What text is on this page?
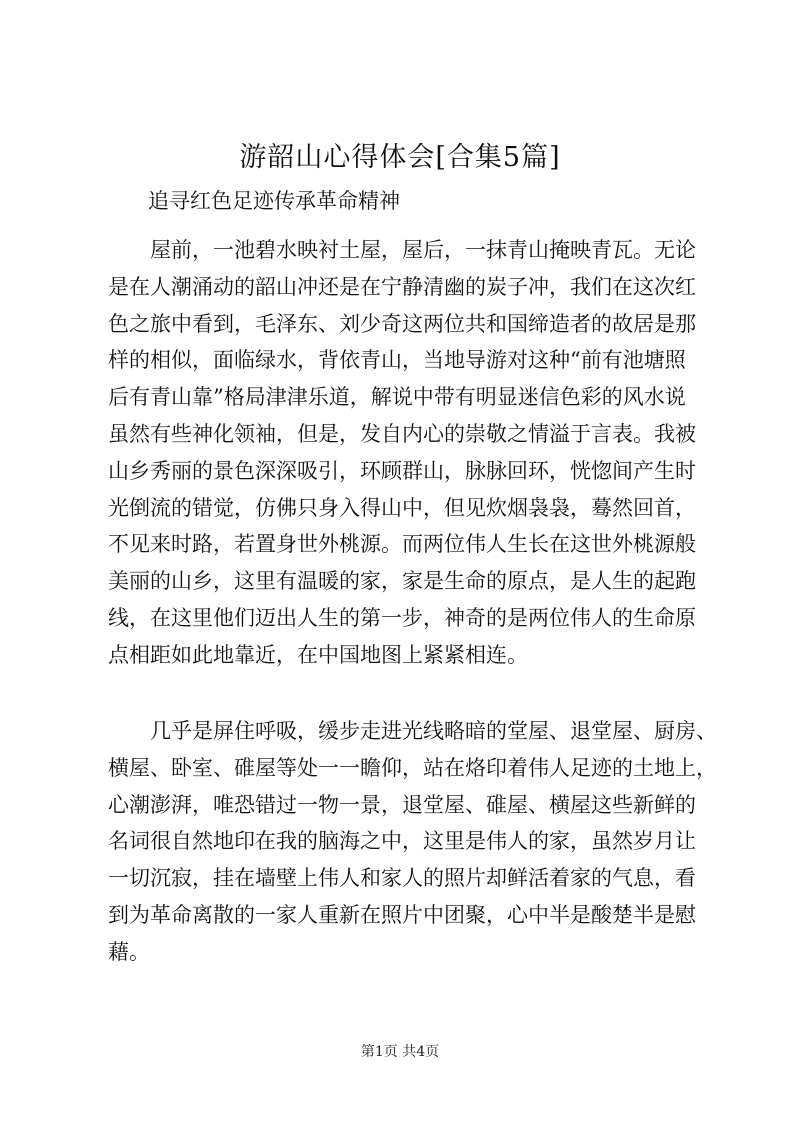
游韶山心得体会[合集5篇]
追寻红色足迹传承革命精神
　　屋前，一池碧水映衬土屋，屋后，一抹青山掩映青瓦。无论
是在人潮涌动的韶山冲还是在宁静清幽的炭子冲，我们在这次红
色之旅中看到，毛泽东、刘少奇这两位共和国缔造者的故居是那
样的相似，面临绿水，背依青山，当地导游对这种“前有池塘照
后有青山靠”格局津津乐道，解说中带有明显迷信色彩的风水说
虽然有些神化领袖，但是，发自内心的崇敬之情溢于言表。我被
山乡秀丽的景色深深吸引，环顾群山，脉脉回环，恍惚间产生时
光倒流的错觉，仿佛只身入得山中，但见炊烟袅袅，蓦然回首，
不见来时路，若置身世外桃源。而两位伟人生长在这世外桃源般
美丽的山乡，这里有温暖的家，家是生命的原点，是人生的起跑
线，在这里他们迈出人生的第一步，神奇的是两位伟人的生命原
点相距如此地靠近，在中国地图上紧紧相连。
　　几乎是屏住呼吸，缓步走进光线略暗的堂屋、退堂屋、厨房、
横屋、卧室、碓屋等处一一瞻仰，站在烙印着伟人足迹的土地上，
心潮澎湃，唯恐错过一物一景，退堂屋、碓屋、横屋这些新鲜的
名词很自然地印在我的脑海之中，这里是伟人的家，虽然岁月让
一切沉寂，挂在墙壁上伟人和家人的照片却鲜活着家的气息，看
到为革命离散的一家人重新在照片中团聚，心中半是酸楚半是慰
藉。
第1页 共4页
